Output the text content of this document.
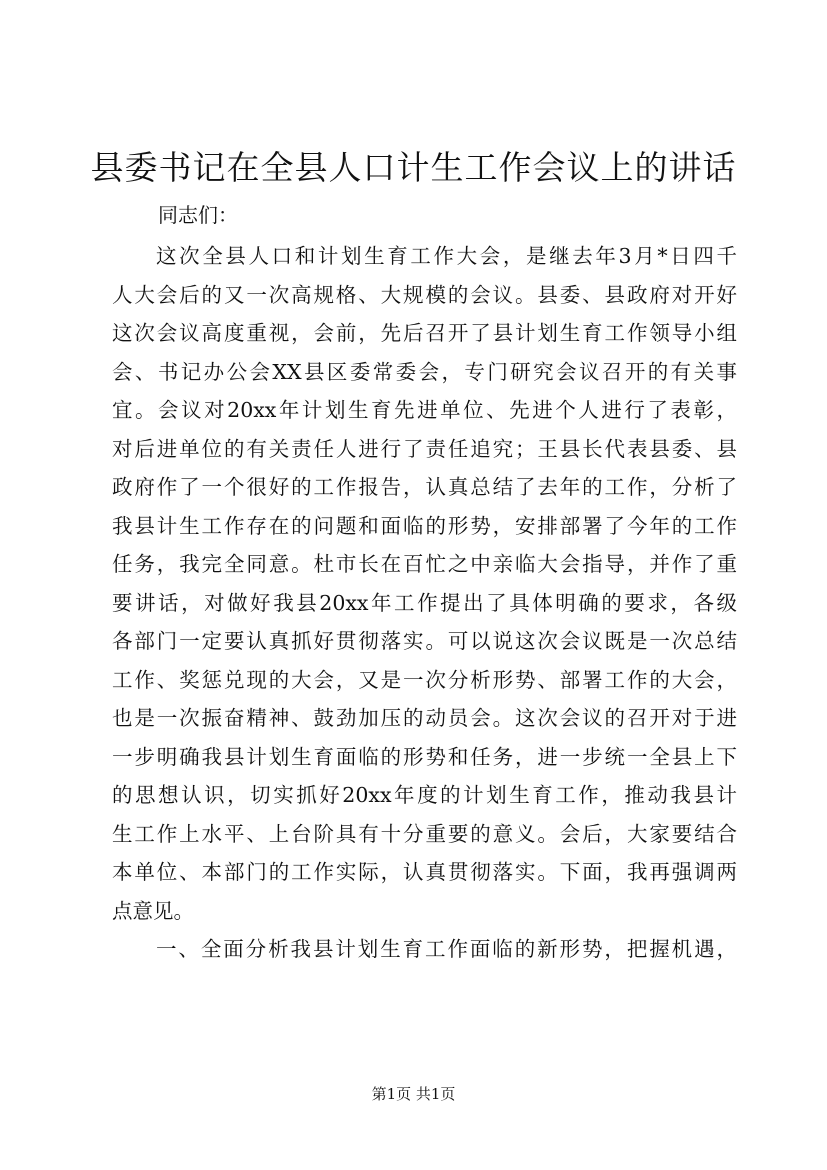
县委书记在全县人口计生工作会议上的讲话
同志们：
这次全县人口和计划生育工作大会，是继去年3月*日四千
人大会后的又一次高规格、大规模的会议。县委、县政府对开好
这次会议高度重视，会前，先后召开了县计划生育工作领导小组
会、书记办公会XX县区委常委会，专门研究会议召开的有关事
宜。会议对20xx年计划生育先进单位、先进个人进行了表彰，
对后进单位的有关责任人进行了责任追究；王县长代表县委、县
政府作了一个很好的工作报告，认真总结了去年的工作，分析了
我县计生工作存在的问题和面临的形势，安排部署了今年的工作
任务，我完全同意。杜市长在百忙之中亲临大会指导，并作了重
要讲话，对做好我县20xx年工作提出了具体明确的要求，各级
各部门一定要认真抓好贯彻落实。可以说这次会议既是一次总结
工作、奖惩兑现的大会，又是一次分析形势、部署工作的大会，
也是一次振奋精神、鼓劲加压的动员会。这次会议的召开对于进
一步明确我县计划生育面临的形势和任务，进一步统一全县上下
的思想认识，切实抓好20xx年度的计划生育工作，推动我县计
生工作上水平、上台阶具有十分重要的意义。会后，大家要结合
本单位、本部门的工作实际，认真贯彻落实。下面，我再强调两
点意见。
一、全面分析我县计划生育工作面临的新形势，把握机遇，
第1页 共1页
